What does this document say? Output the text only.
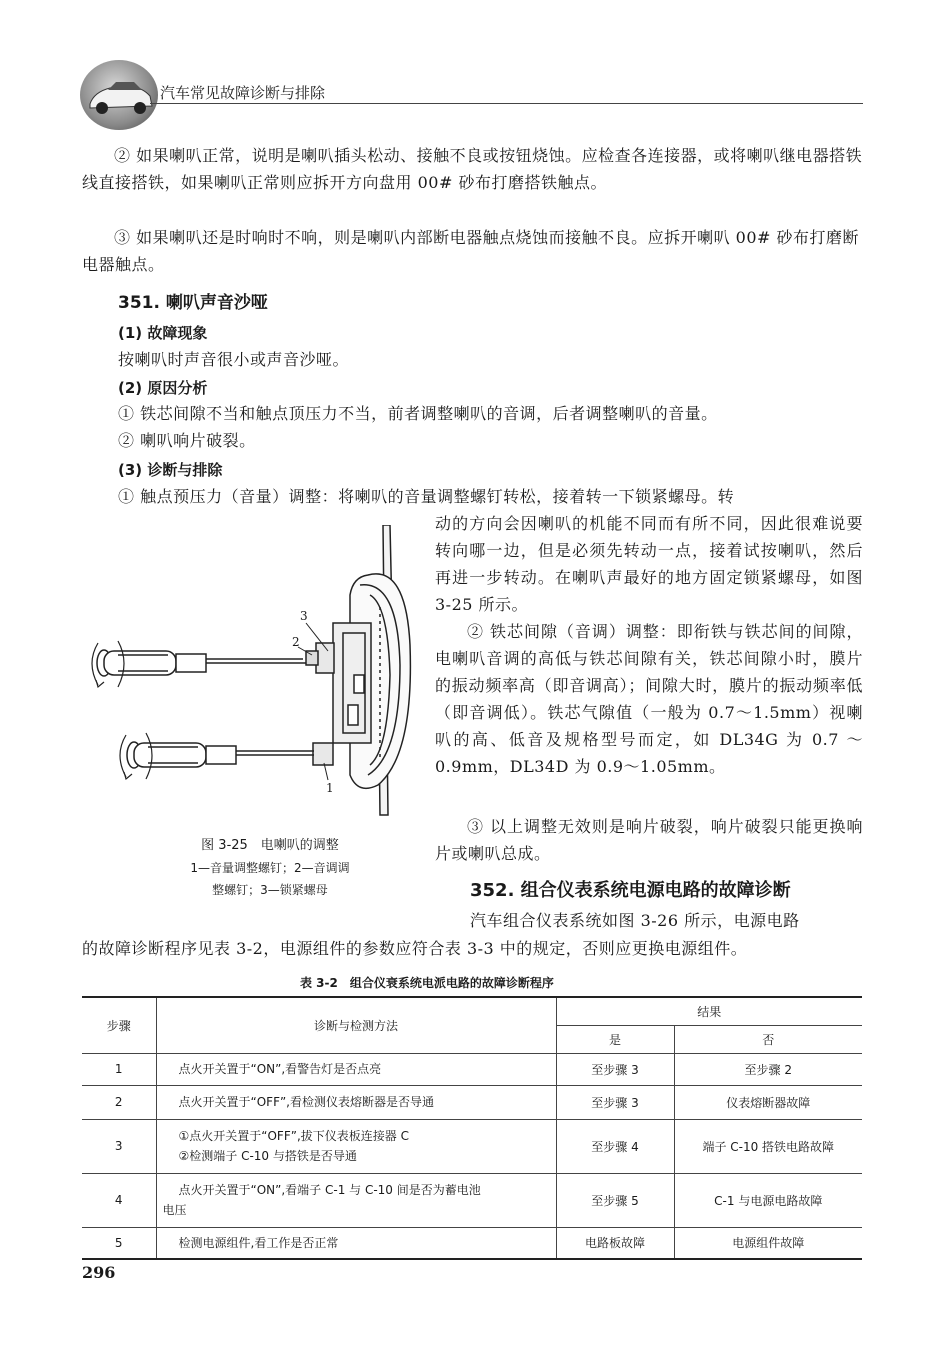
汽车常见故障诊断与排除
② 如果喇叭正常，说明是喇叭插头松动、接触不良或按钮烧蚀。应检查各连接器，或将喇叭继电器搭铁线直接搭铁，如果喇叭正常则应拆开方向盘用 00# 砂布打磨搭铁触点。
③ 如果喇叭还是时响时不响，则是喇叭内部断电器触点烧蚀而接触不良。应拆开喇叭 00# 砂布打磨断电器触点。
351. 喇叭声音沙哑
(1) 故障现象
按喇叭时声音很小或声音沙哑。
(2) 原因分析
① 铁芯间隙不当和触点顶压力不当，前者调整喇叭的音调，后者调整喇叭的音量。
② 喇叭响片破裂。
(3) 诊断与排除
① 触点预压力（音量）调整：将喇叭的音量调整螺钉转松，接着转一下锁紧螺母。转
动的方向会因喇叭的机能不同而有所不同，因此很难说要转向哪一边，但是必须先转动一点，接着试按喇叭，然后再进一步转动。在喇叭声最好的地方固定锁紧螺母，如图 3-25 所示。
② 铁芯间隙（音调）调整：即衔铁与铁芯间的间隙，电喇叭音调的高低与铁芯间隙有关，铁芯间隙小时，膜片的振动频率高（即音调高）；间隙大时，膜片的振动频率低（即音调低）。铁芯气隙值（一般为 0.7～1.5mm）视喇叭的高、低音及规格型号而定，如 DL34G 为 0.7 ～ 0.9mm，DL34D 为 0.9～1.05mm。
③ 以上调整无效则是响片破裂，响片破裂只能更换响片或喇叭总成。
3
2
1
图 3-25　电喇叭的调整
1—音量调整螺钉；2—音调调
整螺钉；3—锁紧螺母	352. 组合仪表系统电源电路的故障诊断
汽车组合仪表系统如图 3-26 所示，电源电路
的故障诊断程序见表 3-2，电源组件的参数应符合表 3-3 中的规定，否则应更换电源组件。
表 3-2　组合仪衰系统电派电路的故障诊断程序
步骤	诊断与检测方法	结果	
		是	否
1	点火开关置于“ON”,看警告灯是否点亮	至步骤 3	至步骤 2
2	点火开关置于“OFF”,看检测仪表熔断器是否导通	至步骤 3	仪表熔断器故障
3	①点火开关置于“OFF”,拔下仪表板连接器 C
②检测端子 C-10 与搭铁是否导通	至步骤 4	端子 C-10 搭铁电路故障
4	点火开关置于“ON”,看端子 C-1 与 C-10 间是否为蓄电池
电压	至步骤 5	C-1 与电源电路故障
5	检测电源组件,看工作是否正常	电路板故障	电源组件故障
296
